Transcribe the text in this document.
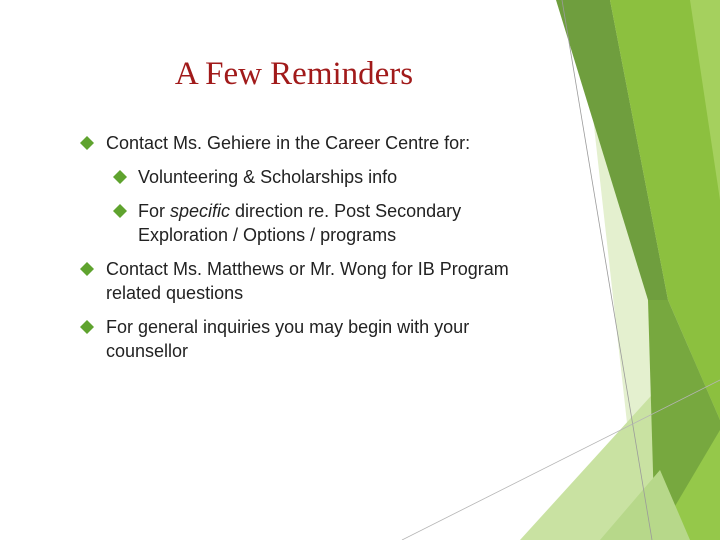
A Few Reminders
Contact Ms. Gehiere in the Career Centre for:
Volunteering & Scholarships info
For specific direction re. Post Secondary Exploration / Options / programs
Contact Ms. Matthews or Mr. Wong for IB Program related questions
For general inquiries you may begin with your counsellor
